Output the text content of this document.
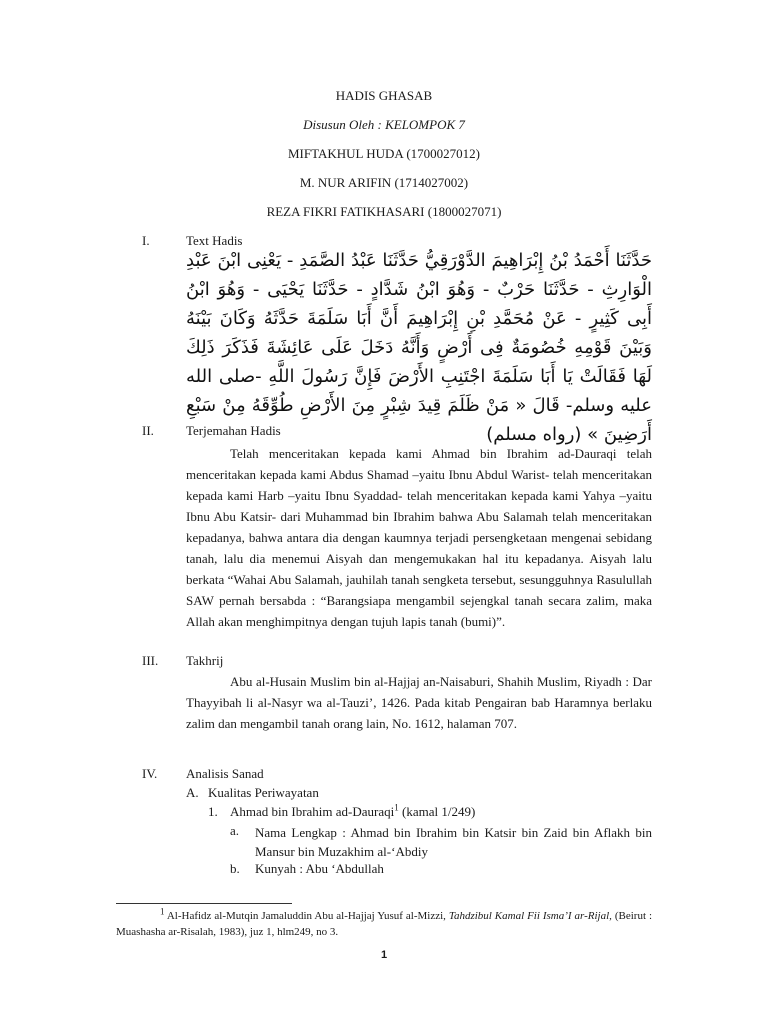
HADIS GHASAB
Disusun Oleh : KELOMPOK 7
MIFTAKHUL HUDA (1700027012)
M. NUR ARIFIN (1714027002)
REZA FIKRI FATIKHASARI (1800027071)
I.	Text Hadis
حَدَّثَنَا أَحْمَدُ بْنُ إِبْرَاهِيمَ الدَّوْرَقِيُّ حَدَّثَنَا عَبْدُ الصَّمَدِ - يَعْنِى ابْنَ عَبْدِ الْوَارِثِ - حَدَّثَنَا حَرْبٌ - وَهُوَ ابْنُ شَدَّادٍ - حَدَّثَنَا يَحْيَى - وَهُوَ ابْنُ أَبِى كَثِيرٍ - عَنْ مُحَمَّدِ بْنِ إِبْرَاهِيمَ أَنَّ أَبَا سَلَمَةَ حَدَّثَهُ وَكَانَ بَيْنَهُ وَبَيْنَ قَوْمِهِ خُصُومَةٌ فِى أَرْضٍ وَأَنَّهُ دَخَلَ عَلَى عَائِشَةَ فَذَكَرَ ذَلِكَ لَهَا فَقَالَتْ يَا أَبَا سَلَمَةَ اجْتَنِبِ الأَرْضَ فَإِنَّ رَسُولَ اللَّهِ -صلى الله عليه وسلم- قَالَ « مَنْ ظَلَمَ قِيدَ شِبْرٍ مِنَ الأَرْضِ طُوِّقَهُ مِنْ سَبْعِ أَرَضِينَ » (رواه مسلم)
II. Terjemahan Hadis
Telah menceritakan kepada kami Ahmad bin Ibrahim ad-Dauraqi telah menceritakan kepada kami Abdus Shamad –yaitu Ibnu Abdul Warist- telah menceritakan kepada kami Harb –yaitu Ibnu Syaddad- telah menceritakan kepada kami Yahya –yaitu Ibnu Abu Katsir- dari Muhammad bin Ibrahim bahwa Abu Salamah telah menceritakan kepadanya, bahwa antara dia dengan kaumnya terjadi persengketaan mengenai sebidang tanah, lalu dia menemui Aisyah dan mengemukakan hal itu kepadanya. Aisyah lalu berkata “Wahai Abu Salamah, jauhilah tanah sengketa tersebut, sesungguhnya Rasulullah SAW pernah bersabda : “Barangsiapa mengambil sejengkal tanah secara zalim, maka Allah akan menghimpitnya dengan tujuh lapis tanah (bumi)”.
III. Takhrij
Abu al-Husain Muslim bin al-Hajjaj an-Naisaburi, Shahih Muslim, Riyadh : Dar Thayyibah li al-Nasyr wa al-Tauzi’, 1426. Pada kitab Pengairan bab Haramnya berlaku zalim dan mengambil tanah orang lain, No. 1612, halaman 707.
IV. Analisis Sanad
A. Kualitas Periwayatan
1. Ahmad bin Ibrahim ad-Dauraqi$^1$ (kamal 1/249)
a. Nama Lengkap : Ahmad bin Ibrahim bin Katsir bin Zaid bin Aflakh bin Mansur bin Muzakhim al-‘Abdiy
b. Kunyah : Abu ‘Abdullah
$^1$ Al-Hafidz al-Mutqin Jamaluddin Abu al-Hajjaj Yusuf al-Mizzi, Tahdzibul Kamal Fii Isma’I ar-Rijal, (Beirut : Muashasha ar-Risalah, 1983), juz 1, hlm249, no 3.
1
